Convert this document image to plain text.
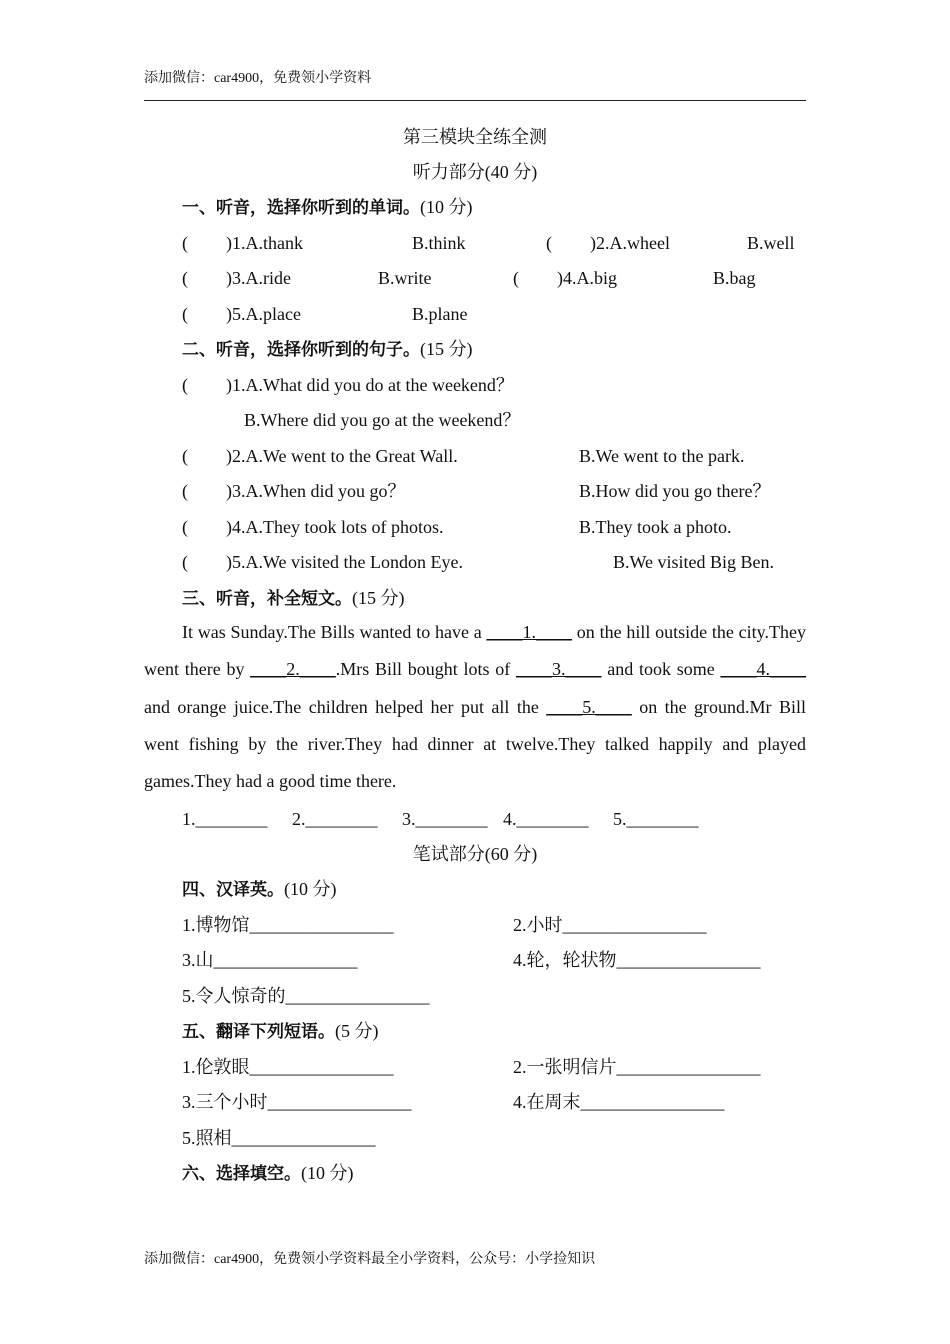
添加微信：car4900，免费领小学资料
第三模块全练全测
听力部分(40 分)
一、听音，选择你听到的单词。(10 分)
( )1.A.thank	B.think	( )2.A.wheel	B.well
( )3.A.ride	B.write	( )4.A.big	B.bag
( )5.A.place	B.plane
二、听音，选择你听到的句子。(15 分)
( )1.A.What did you do at the weekend？
B.Where did you go at the weekend？
( )2.A.We went to the Great Wall.	B.We went to the park.
( )3.A.When did you go？	B.How did you go there？
( )4.A.They took lots of photos.	B.They took a photo.
( )5.A.We visited the London Eye.	B.We visited Big Ben.
三、听音，补全短文。(15 分)
It was Sunday.The Bills wanted to have a ____1.____ on the hill outside the city.They went there by ____2.____.Mrs Bill bought lots of ____3.____ and took some ____4.____ and orange juice.The children helped her put all the ____5.____ on the ground.Mr Bill went fishing by the river.They had dinner at twelve.They talked happily and played games.They had a good time there.
1.________ 2.________ 3.________ 4.________ 5.________
笔试部分(60 分)
四、汉译英。(10 分)
1.博物馆________________	2.小时________________
3.山________________	4.轮，轮状物________________
5.令人惊奇的________________
五、翻译下列短语。(5 分)
1.伦敦眼________________	2.一张明信片________________
3.三个小时________________	4.在周末________________
5.照相________________
六、选择填空。(10 分)
添加微信：car4900，免费领小学资料最全小学资料，公众号：小学捡知识
